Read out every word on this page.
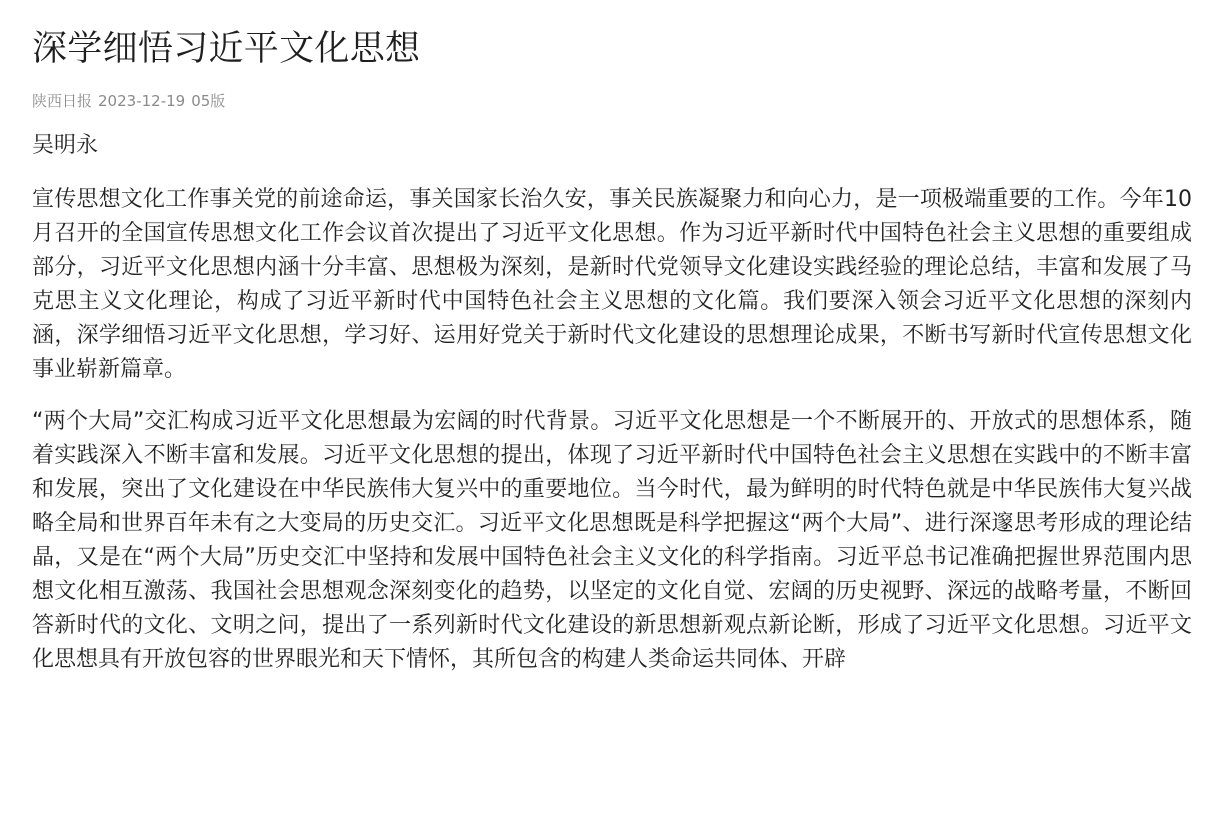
深学细悟习近平文化思想
陕西日报 2023-12-19 05版
吴明永

宣传思想文化工作事关党的前途命运，事关国家长治久安，事关民族凝聚力和向心力，是一项极端重要的工作。今年10月召开的全国宣传思想文化工作会议首次提出了习近平文化思想。作为习近平新时代中国特色社会主义思想的重要组成部分，习近平文化思想内涵十分丰富、思想极为深刻，是新时代党领导文化建设实践经验的理论总结，丰富和发展了马克思主义文化理论，构成了习近平新时代中国特色社会主义思想的文化篇。我们要深入领会习近平文化思想的深刻内涵，深学细悟习近平文化思想，学习好、运用好党关于新时代文化建设的思想理论成果，不断书写新时代宣传思想文化事业崭新篇章。

“两个大局”交汇构成习近平文化思想最为宏阔的时代背景。习近平文化思想是一个不断展开的、开放式的思想体系，随着实践深入不断丰富和发展。习近平文化思想的提出，体现了习近平新时代中国特色社会主义思想在实践中的不断丰富和发展，突出了文化建设在中华民族伟大复兴中的重要地位。当今时代，最为鲜明的时代特色就是中华民族伟大复兴战略全局和世界百年未有之大变局的历史交汇。习近平文化思想既是科学把握这“两个大局”、进行深邃思考形成的理论结晶，又是在“两个大局”历史交汇中坚持和发展中国特色社会主义文化的科学指南。习近平总书记准确把握世界范围内思想文化相互激荡、我国社会思想观念深刻变化的趋势，以坚定的文化自觉、宏阔的历史视野、深远的战略考量，不断回答新时代的文化、文明之问，提出了一系列新时代文化建设的新思想新观点新论断，形成了习近平文化思想。习近平文化思想具有开放包容的世界眼光和天下情怀，其所包含的构建人类命运共同体、开辟
